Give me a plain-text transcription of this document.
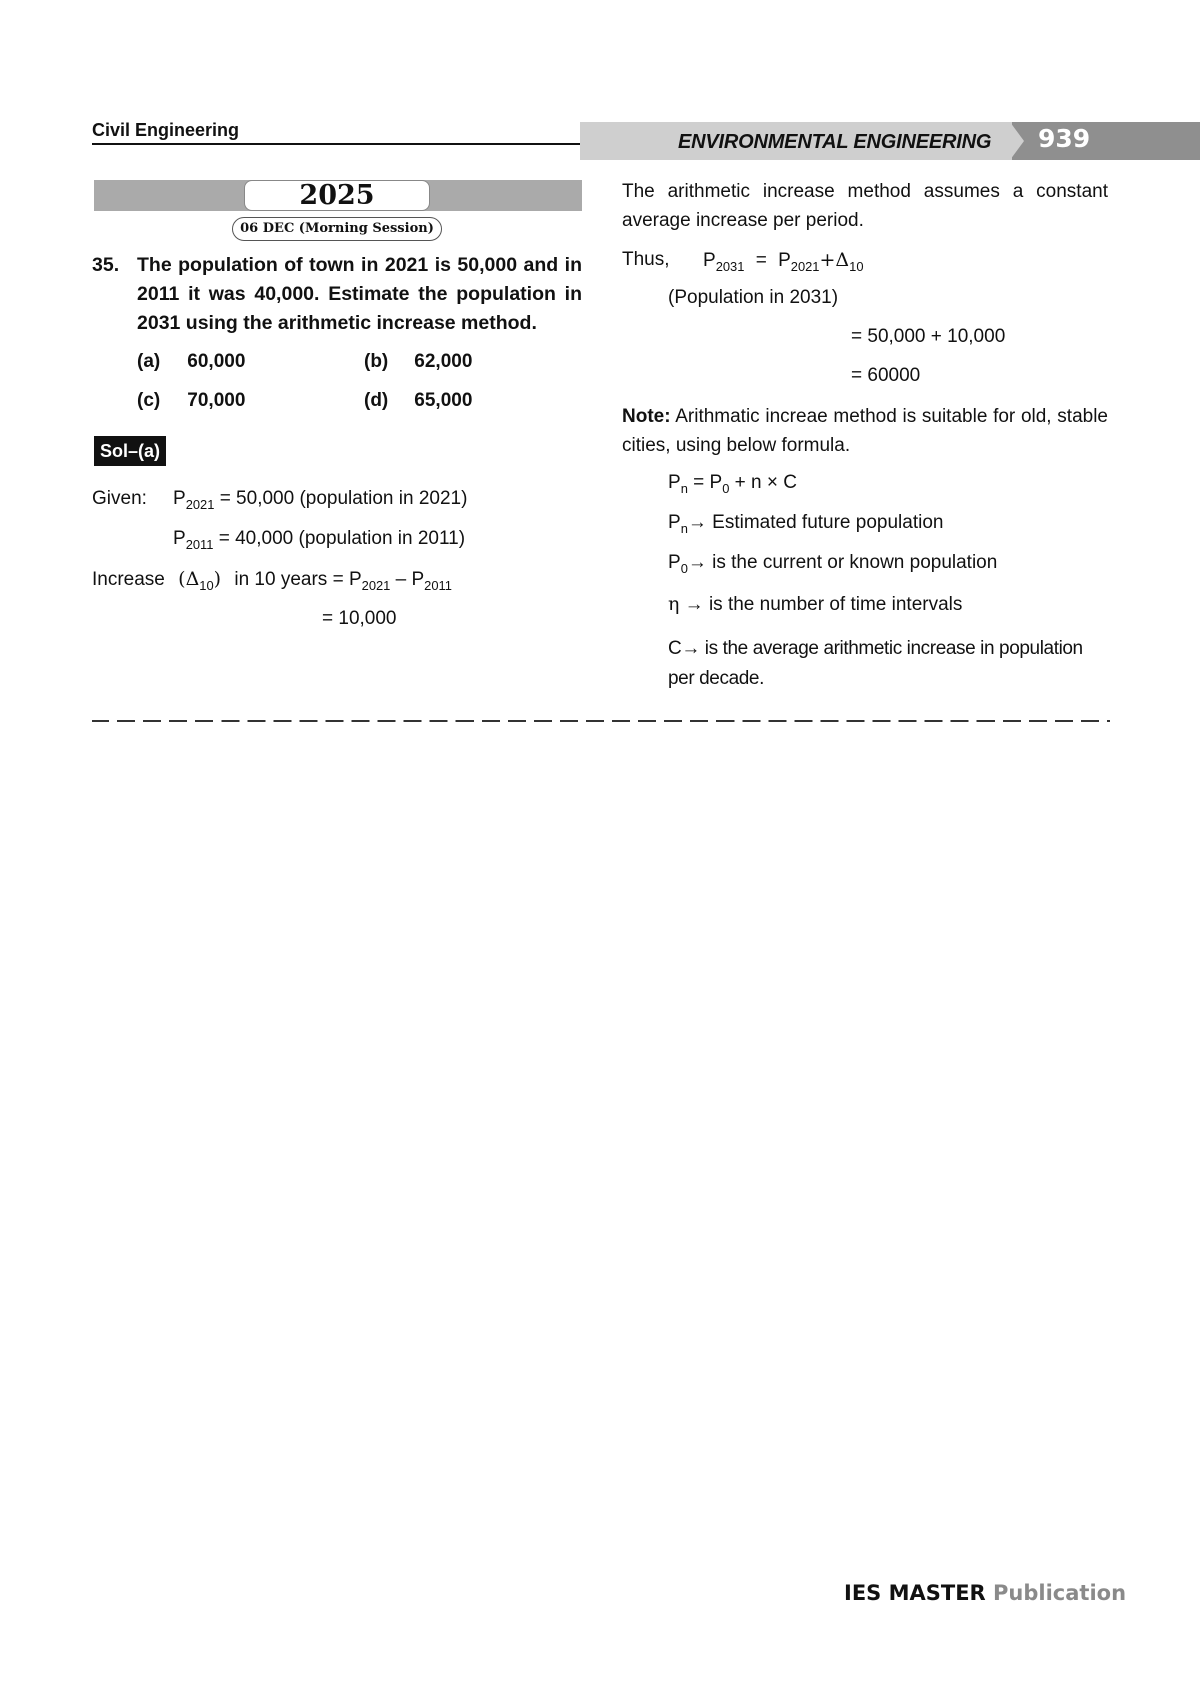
Civil Engineering
ENVIRONMENTAL ENGINEERING 939
2025
06 DEC (Morning Session)
35. The population of town in 2021 is 50,000 and in 2011 it was 40,000. Estimate the population in 2031 using the arithmetic increase method.
(a) 60,000	(b) 62,000
(c) 70,000	(d) 65,000
Sol–(a)
Given: $P_{2021} = 50,000$ (population in 2021)
$P_{2011} = 40,000$ (population in 2011)
Increase $(\Delta_{10})$ in 10 years = $P_{2021} - P_{2011}$
= 10,000
The arithmetic increase method assumes a constant average increase per period.
Thus, $P_{2031} = P_{2021}+\Delta_{10}$
(Population in 2031)
= 50,000 + 10,000
= 60000
Note: Arithmatic increae method is suitable for old, stable cities, using below formula.
$P_n = P_0 + n \times C$
$P_n\to$ Estimated future population
$P_0\to$ is the current or known population
η → is the number of time intervals
C→ is the average arithmetic increase in population per decade.
IES MASTER Publication
